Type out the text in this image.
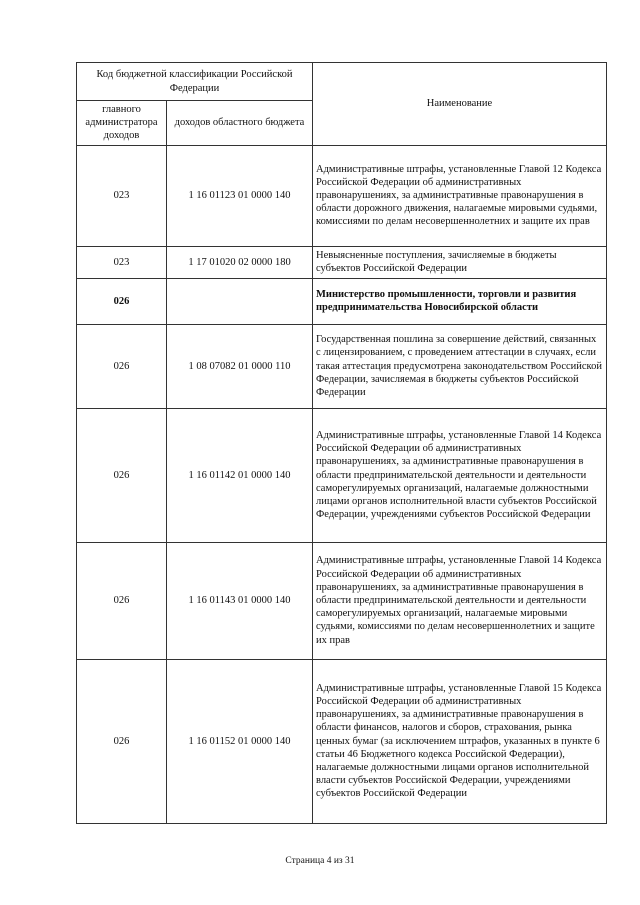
Код бюджетной классификации Российской Федерации		Наименование
главного администратора доходов	доходов областного бюджета	
023	1 16 01123 01 0000 140	Административные штрафы, установленные Главой 12 Кодекса Российской Федерации об административных правонарушениях, за административные правонарушения в области дорожного движения, налагаемые мировыми судьями, комиссиями по делам несовершеннолетних и защите их прав
023	1 17 01020 02 0000 180	Невыясненные поступления, зачисляемые в бюджеты субъектов Российской Федерации
026		Министерство промышленности, торговли и развития предпринимательства Новосибирской области
026	1 08 07082 01 0000 110	Государственная пошлина за совершение действий, связанных с лицензированием, с проведением аттестации в случаях, если такая аттестация предусмотрена законодательством Российской Федерации, зачисляемая в бюджеты субъектов Российской Федерации
026	1 16 01142 01 0000 140	Административные штрафы, установленные Главой 14 Кодекса Российской Федерации об административных правонарушениях, за административные правонарушения в области предпринимательской деятельности и деятельности саморегулируемых организаций, налагаемые должностными лицами органов исполнительной власти субъектов Российской Федерации, учреждениями субъектов Российской Федерации
026	1 16 01143 01 0000 140	Административные штрафы, установленные Главой 14 Кодекса Российской Федерации об административных правонарушениях, за административные правонарушения в области предпринимательской деятельности и деятельности саморегулируемых организаций, налагаемые мировыми судьями, комиссиями по делам несовершеннолетних и защите их прав
026	1 16 01152 01 0000 140	Административные штрафы, установленные Главой 15 Кодекса Российской Федерации об административных правонарушениях, за административные правонарушения в области финансов, налогов и сборов, страхования, рынка ценных бумаг (за исключением штрафов, указанных в пункте 6 статьи 46 Бюджетного кодекса Российской Федерации), налагаемые должностными лицами органов исполнительной власти субъектов Российской Федерации, учреждениями субъектов Российской Федерации
Страница 4 из 31
